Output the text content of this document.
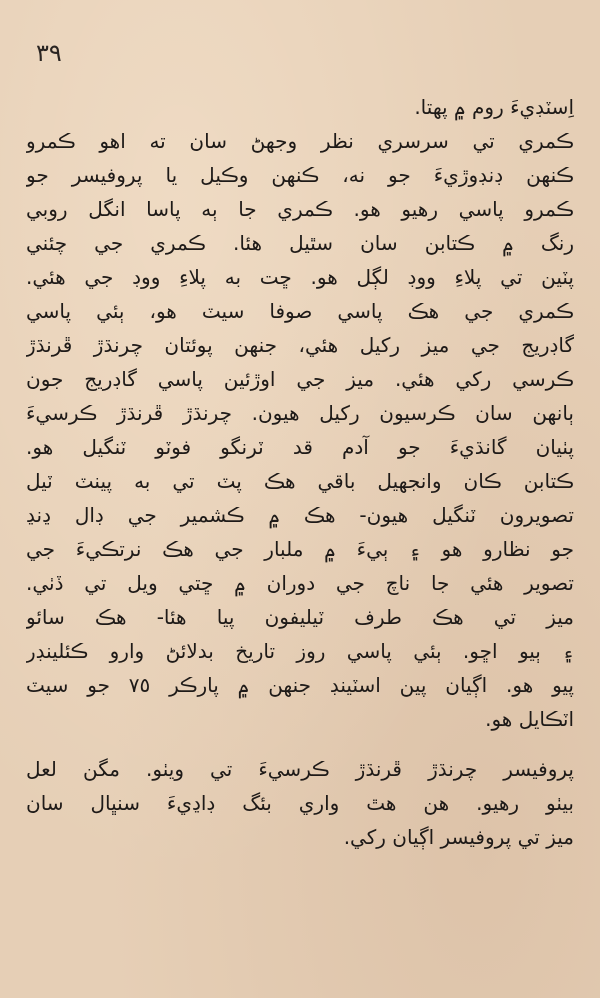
٣٩

اِسٽڊيءَ روم ۾ پهتا.

ڪمري تي سرسري نظر وجهڻ سان ته اهو ڪمرو

ڪنهن ڊنڊوڙيءَ جو نه، ڪنهن وڪيل يا پروفيسر جو

ڪمرو پاسي رهيو هو. ڪمري جا ٻه پاسا انگل روبي

رنگ ۾ ڪتابن سان سٿيل هئا. ڪمري جي چئني

پٽين تي پلاءِ ووڊ لڳل هو. ڇت به پلاءِ ووڊ جي هئي.

ڪمري جي هڪ پاسي صوفا سيٽ هو، ٻئي پاسي

گاڊريج جي ميز رکيل هئي، جنهن پوئتان چرنڌڙ ڦرنڌڙ

ڪرسي رکي هئي. ميز جي اوڙئين پاسي گاڊريج جون

ٻانهن سان ڪرسيون رکيل هيون. چرنڌڙ ڦرنڌڙ ڪرسيءَ

پٺيان گانڌيءَ جو آدم قد ٽرنگو فوٽو ٽنگيل هو.

ڪتابن ڪان وانجهيل باقي هڪ پٽ تي به پينٽ ٽيل

تصويرون ٽنگيل هيون- هڪ ۾ ڪشمير جي ڊال ڍنڍ

جو نظارو هو ۽ ٻيءَ ۾ ملبار جي هڪ نرتڪيءَ جي

تصوير هئي جا ناچ جي دوران ۾ ڇتي ويل تي ڏٺي.

ميز تي هڪ طرف ٽيليفون پيا هئا- هڪ سائو

۽ ٻيو اڇو. ٻئي پاسي روز تاريخ بدلائڻ وارو ڪئلينڊر

پيو هو. اڳيان پين اسٽينڊ جنهن ۾ پارڪر ٧٥ جو سيٽ

اٽڪايل هو.

پروفيسر چرنڌڙ ڦرنڌڙ ڪرسيءَ تي ويٺو. مگن لعل

بيٺو رهيو. هن هٿ واري بئگ ڊاڍيءَ سنڀال سان

ميز تي پروفيسر اڳيان رکي.
